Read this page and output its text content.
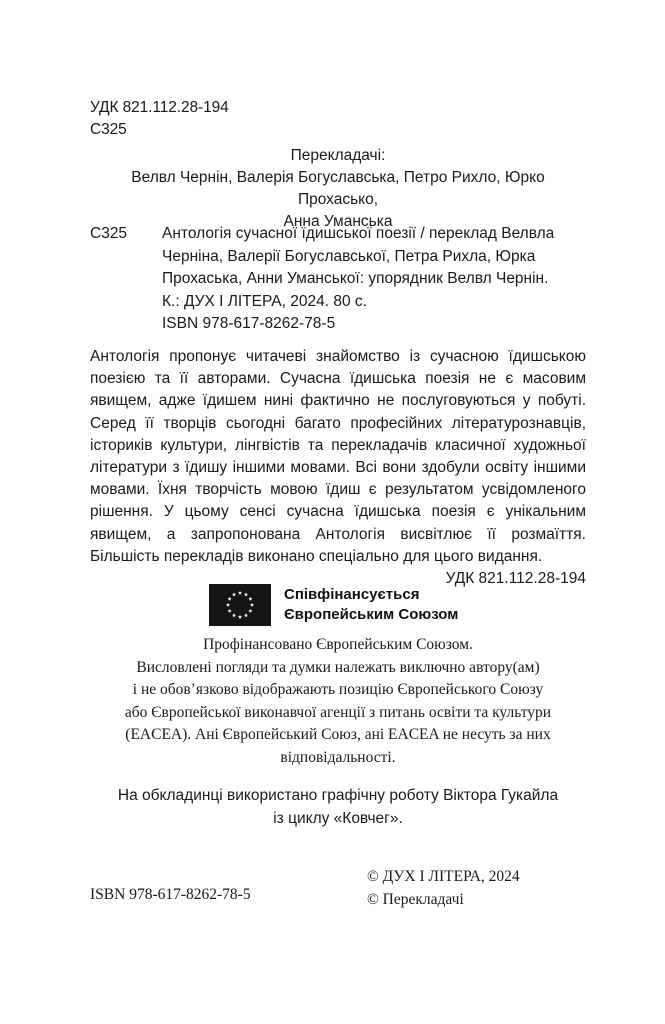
УДК 821.112.28-194
С325
Перекладачі:
Велвл Чернін, Валерія Богуславська, Петро Рихло, Юрко Прохасько,
Анна Уманська
С325 Антологія сучасної їдишської поезії / переклад Велвла
Черніна, Валерії Богуславської, Петра Рихла, Юрка
Прохаська, Анни Уманської: упорядник Велвл Чернін.
К.: ДУХ І ЛІТЕРА, 2024. 80 с.
ISBN 978-617-8262-78-5
Антологія пропонує читачеві знайомство із сучасною їдишською поезією та її авторами. Сучасна їдишська поезія не є масовим явищем, адже їдишем нині фактично не послуговуються у побуті. Серед її творців сьогодні багато професійних літературознавців, істориків культури, лінгвістів та перекладачів класичної художньої літератури з їдишу іншими мовами. Всі вони здобули освіту іншими мовами. Їхня творчість мовою їдиш є результатом усвідомленого рішення. У цьому сенсі сучасна їдишська поезія є унікальним явищем, а запропонована Антологія висвітлює її розмаїття. Більшість перекладів виконано спеціально для цього видання.
УДК 821.112.28-194
Співфінансується
Європейським Союзом
Профінансовано Європейським Союзом.
Висловлені погляди та думки належать виключно автору(ам)
і не обов’язково відображають позицію Європейського Союзу
або Європейської виконавчої агенції з питань освіти та культури
(EACEA). Ані Європейський Союз, ані EACEA не несуть за них
відповідальності.
На обкладинці використано графічну роботу Віктора Гукайла
із циклу «Ковчег».
ISBN 978-617-8262-78-5
© ДУХ І ЛІТЕРА, 2024
© Перекладачі
